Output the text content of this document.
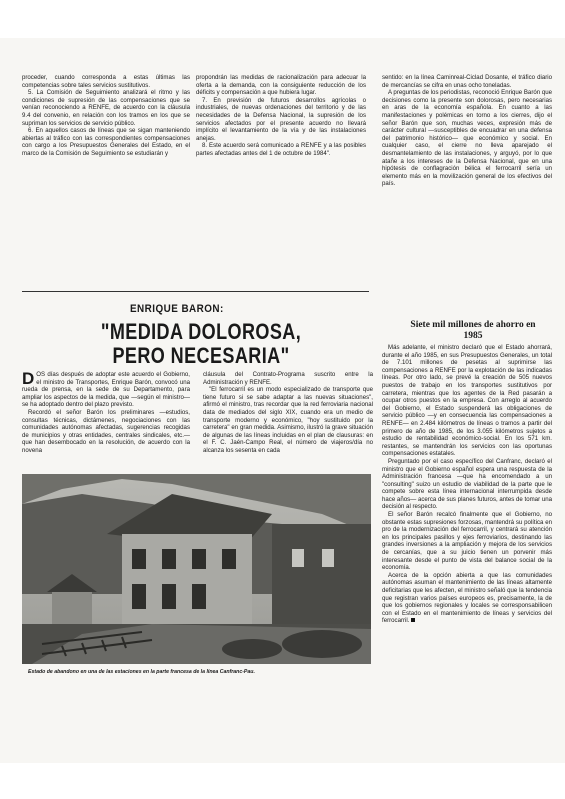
proceder, cuando corresponda a estas últimas las competencias sobre tales servicios sustitutivos.

5. La Comisión de Seguimiento analizará el ritmo y las condiciones de supresión de las compensaciones que se venían reconociendo a RENFE, de acuerdo con la cláusula 9.4 del convenio, en relación con los tramos en los que se supriman los servicios de servicio público.

6. En aquellos casos de líneas que se sigan manteniendo abiertas al tráfico con las correspondientes compensaciones con cargo a los Presupuestos Generales del Estado, en el marco de la Comisión de Seguimiento se estudiarán y

propondrán las medidas de racionalización para adecuar la oferta a la demanda, con la consiguiente reducción de los déficits y compensación a que hubiera lugar.

7. En previsión de futuros desarrollos agrícolas o industriales, de nuevas ordenaciones del territorio y de las necesidades de la Defensa Nacional, la supresión de los servicios afectados por el presente acuerdo no llevará implícito el levantamiento de la vía y de las instalaciones anejas.

8. Este acuerdo será comunicado a RENFE y a las posibles partes afectadas antes del 1 de octubre de 1984".

sentido: en la línea Caminreal-Ciclad Dosante, el tráfico diario de mercancías se cifra en unas ocho toneladas.

A preguntas de los periodistas, reconoció Enrique Barón que decisiones como la presente son dolorosas, pero necesarias en aras de la economía española. En cuanto a las manifestaciones y polémicas en torno a los cierres, dijo el señor Barón que son, muchas veces, expresión más de carácter cultural —susceptibles de encuadrar en una defensa del patrimonio histórico— que económico y social. En cualquier caso, el cierre no lleva aparejado el desmantelamiento de las instalaciones, y arguyó, por lo que atañe a los intereses de la Defensa Nacional, que en una hipótesis de conflagración bélica el ferrocarril sería un elemento más en la movilización general de los efectivos del país.

ENRIQUE BARON:
"MEDIDA DOLOROSA, PERO NECESARIA"

DOS días después de adoptar este acuerdo el Gobierno, el ministro de Transportes, Enrique Barón, convocó una rueda de prensa, en la sede de su Departamento, para ampliar los aspectos de la medida, que —según el ministro— se ha adoptado dentro del plazo previsto.

Recordó el señor Barón los preliminares —estudios, consultas técnicas, dictámenes, negociaciones con las comunidades autónomas afectadas, sugerencias recogidas de municipios y otras entidades, centrales sindicales, etc.— que han desembocado en la resolución, de acuerdo con la novena

cláusula del Contrato-Programa suscrito entre la Administración y RENFE.

"El ferrocarril es un modo especializado de transporte que tiene futuro si se sabe adaptar a las nuevas situaciones", afirmó el ministro, tras recordar que la red ferroviaria nacional data de mediados del siglo XIX, cuando era un medio de transporte moderno y económico, "hoy sustituido por la carretera" en gran medida. Asimismo, ilustró la grave situación de algunas de las líneas incluidas en el plan de clausuras: en el F. C. Jaén-Campo Real, el número de viajeros/día no alcanza los sesenta en cada

Estado de abandono en una de las estaciones en la parte francesa de la línea Canfranc-Pau.
Siete mil millones de ahorro en 1985

Más adelante, el ministro declaró que el Estado ahorrará, durante el año 1985, en sus Presupuestos Generales, un total de 7.101 millones de pesetas al suprimirse las compensaciones a RENFE por la explotación de las indicadas líneas. Por otro lado, se prevé la creación de 505 nuevos puestos de trabajo en los transportes sustitutivos por carretera, mientras que los agentes de la Red pasarán a ocupar otros puestos en la empresa. Con arreglo al acuerdo del Gobierno, el Estado suspenderá las obligaciones de servicio público —y en consecuencia las compensaciones a RENFE— en 2.484 kilómetros de líneas o tramos a partir del primero de año de 1985, de los 3.055 kilómetros sujetos a estudio de rentabilidad económico-social. En los 571 km. restantes, se mantendrán los servicios con las oportunas compensaciones estatales.

Preguntado por el caso específico del Canfranc, declaró el ministro que el Gobierno español espera una respuesta de la Administración francesa —que ha encomendado a un "consulting" suizo un estudio de viabilidad de la parte que le compete sobre esta línea internacional interrumpida desde hace años— acerca de sus planes futuros, antes de tomar una decisión al respecto.

El señor Barón recalcó finalmente que el Gobierno, no obstante estas supresiones forzosas, mantendrá su política en pro de la modernización del ferrocarril, y centrará su atención en los principales pasillos y ejes ferroviarios, destinando las grandes inversiones a la ampliación y mejora de los servicios de cercanías, que a su juicio tienen un porvenir más interesante desde el punto de vista del balance social de la economía.

Acerca de la opción abierta a que las comunidades autónomas asuman el mantenimiento de las líneas altamente deficitarias que les afecten, el ministro señaló que la tendencia que registran varios países europeos es, precisamente, la de que los gobiernos regionales y locales se corresponsabilicen con el Estado en el mantenimiento de líneas y servicios del ferrocarril.
